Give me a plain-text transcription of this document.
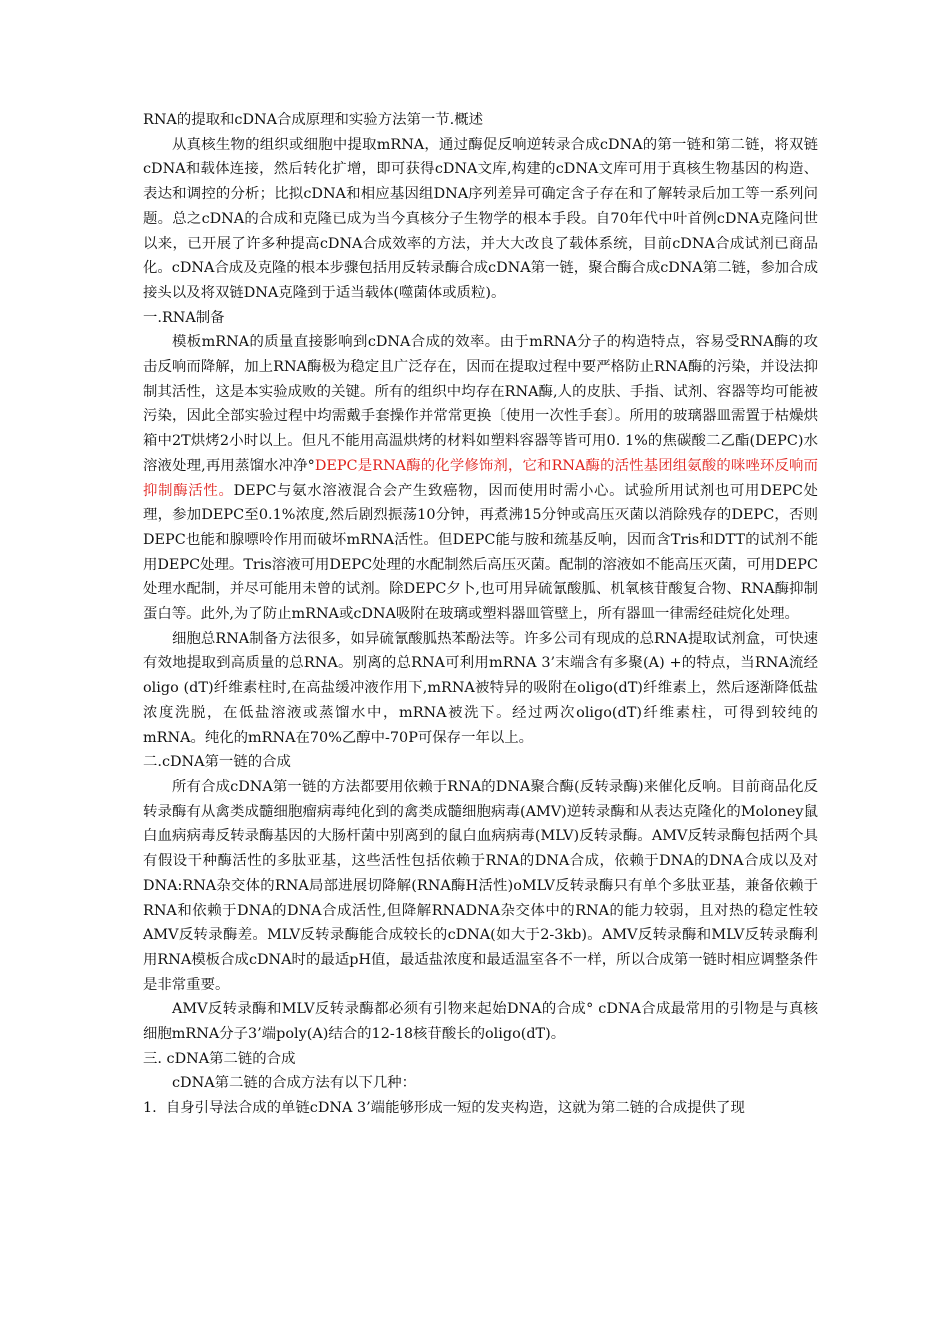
RNA的提取和cDNA合成原理和实验方法第一节.概述

从真核生物的组织或细胞中提取mRNA，通过酶促反响逆转录合成cDNA的第一链和第二链，将双链cDNA和载体连接，然后转化扩增，即可获得cDNA文库,构建的cDNA文库可用于真核生物基因的构造、表达和调控的分析；比拟cDNA和相应基因组DNA序列差异可确定含子存在和了解转录后加工等一系列问题。总之cDNA的合成和克隆已成为当今真核分子生物学的根本手段。自70年代中叶首例cDNA克隆问世以来，已开展了许多种提高cDNA合成效率的方法，并大大改良了载体系统，目前cDNA合成试剂已商品化。cDNA合成及克隆的根本步骤包括用反转录酶合成cDNA第一链，聚合酶合成cDNA第二链，参加合成接头以及将双链DNA克隆到于适当载体(噬菌体或质粒)。

一.RNA制备

模板mRNA的质量直接影响到cDNA合成的效率。由于mRNA分子的构造特点，容易受RNA酶的攻击反响而降解，加上RNA酶极为稳定且广泛存在，因而在提取过程中要严格防止RNA酶的污染，并设法抑制其活性，这是本实验成败的关键。所有的组织中均存在RNA酶,人的皮肤、手指、试剂、容器等均可能被污染，因此全部实验过程中均需戴手套操作并常常更换〔使用一次性手套〕。所用的玻璃器皿需置于枯燥烘箱中2T烘烤2小时以上。但凡不能用高温烘烤的材料如塑料容器等皆可用0. 1%的焦碳酸二乙酯(DEPC)水溶液处理,再用蒸馏水冲净°DEPC是RNA酶的化学修饰剂，它和RNA酶的活性基团组氨酸的咪唑环反响而抑制酶活性。DEPC与氨水溶液混合会产生致癌物，因而使用时需小心。试验所用试剂也可用DEPC处理，参加DEPC至0.1%浓度,然后剧烈振荡10分钟，再煮沸15分钟或高压灭菌以消除残存的DEPC，否则DEPC也能和腺嘌呤作用而破坏mRNA活性。但DEPC能与胺和巯基反响，因而含Tris和DTT的试剂不能用DEPC处理。Tris溶液可用DEPC处理的水配制然后高压灭菌。配制的溶液如不能高压灭菌，可用DEPC处理水配制，并尽可能用未曾的试剂。除DEPC夕卜,也可用异硫氰酸胍、机氧核苷酸复合物、RNA酶抑制蛋白等。此外,为了防止mRNA或cDNA吸附在玻璃或塑料器皿管壁上，所有器皿一律需经硅烷化处理。

细胞总RNA制备方法很多，如异硫氰酸胍热苯酚法等。许多公司有现成的总RNA提取试剂盒，可快速有效地提取到高质量的总RNA。别离的总RNA可利用mRNA 3’末端含有多聚(A) +的特点，当RNA流经oligo (dT)纤维素柱时,在高盐缓冲液作用下,mRNA被特异的吸附在oligo(dT)纤维素上，然后逐渐降低盐浓度洗脱，在低盐溶液或蒸馏水中，mRNA被洗下。经过两次oligo(dT)纤维素柱，可得到较纯的mRNA。纯化的mRNA在70%乙醇中-70P可保存一年以上。

二.cDNA第一链的合成

所有合成cDNA第一链的方法都要用依赖于RNA的DNA聚合酶(反转录酶)来催化反响。目前商品化反转录酶有从禽类成髓细胞瘤病毒纯化到的禽类成髓细胞病毒(AMV)逆转录酶和从表达克隆化的Moloney鼠白血病病毒反转录酶基因的大肠杆菌中别离到的鼠白血病病毒(MLV)反转录酶。AMV反转录酶包括两个具有假设干种酶活性的多肽亚基，这些活性包括依赖于RNA的DNA合成，依赖于DNA的DNA合成以及对DNA:RNA杂交体的RNA局部进展切降解(RNA酶H活性)oMLV反转录酶只有单个多肽亚基，兼备依赖于RNA和依赖于DNA的DNA合成活性,但降解RNADNA杂交体中的RNA的能力较弱，且对热的稳定性较AMV反转录酶差。MLV反转录酶能合成较长的cDNA(如大于2-3kb)。AMV反转录酶和MLV反转录酶利用RNA模板合成cDNA时的最适pH值，最适盐浓度和最适温室各不一样，所以合成第一链时相应调整条件是非常重要。

AMV反转录酶和MLV反转录酶都必须有引物来起始DNA的合成° cDNA合成最常用的引物是与真核细胞mRNA分子3’端poly(A)结合的12-18核苷酸长的oligo(dT)。

三. cDNA第二链的合成

cDNA第二链的合成方法有以下几种：

1. 自身引导法合成的单链cDNA 3’端能够形成一短的发夹构造，这就为第二链的合成提供了现
